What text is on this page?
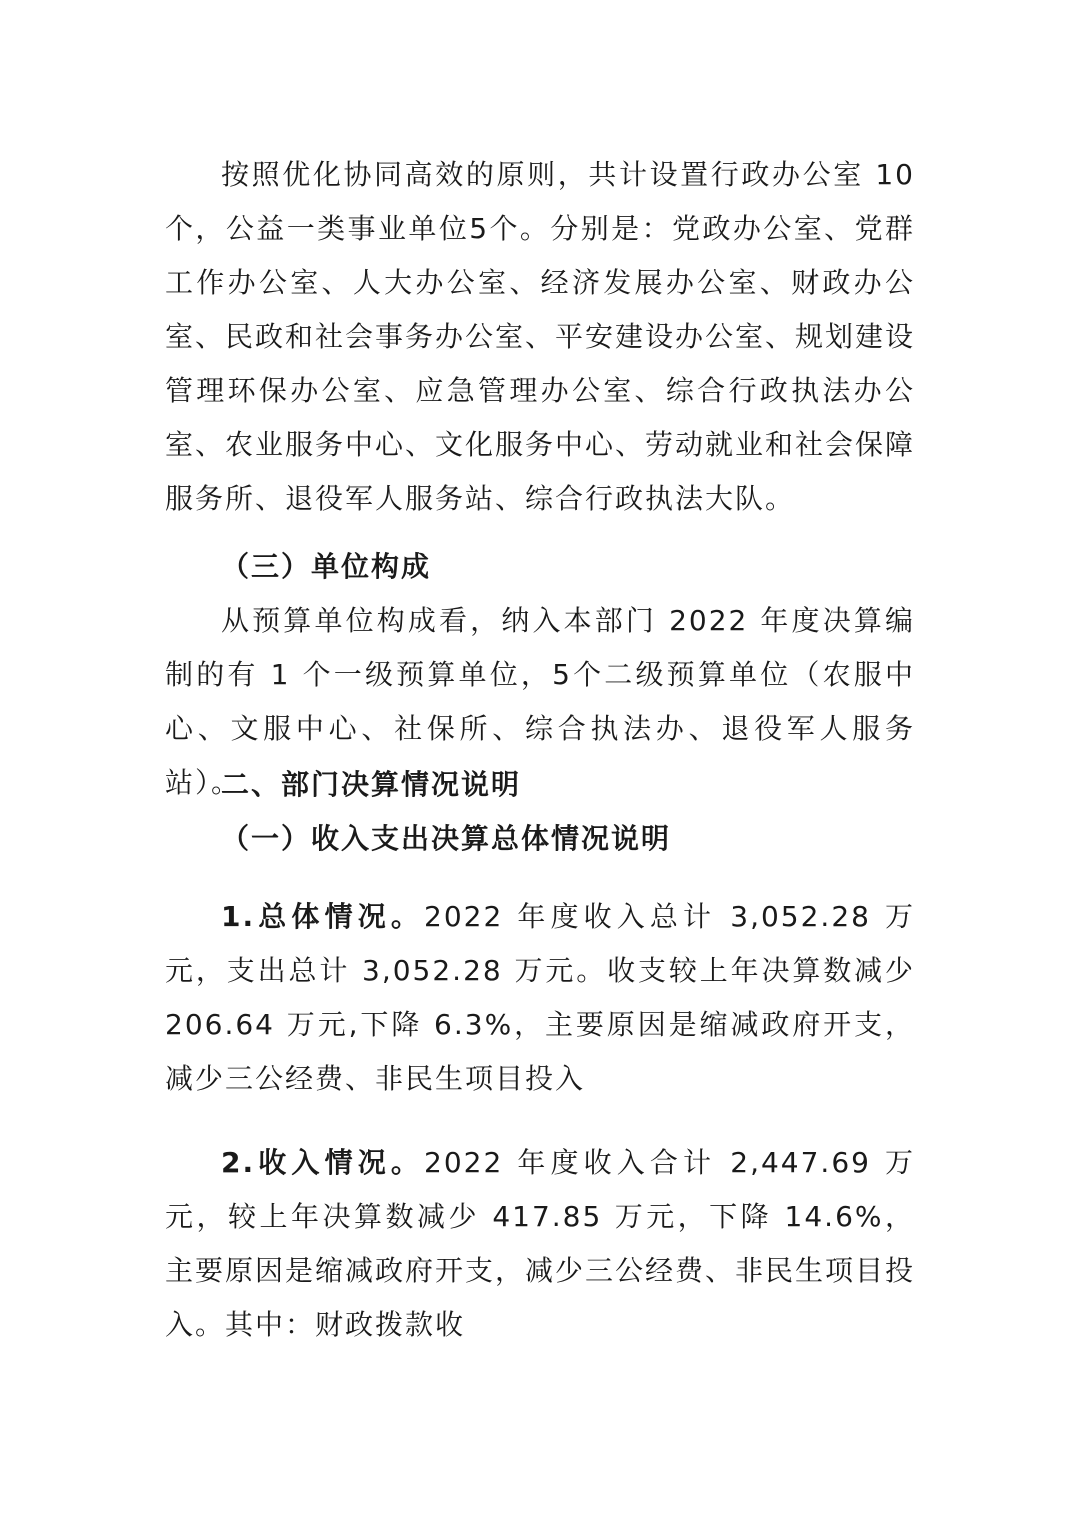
按照优化协同高效的原则，共计设置行政办公室 10个，公益一类事业单位5个。分别是：党政办公室、党群工作办公室、人大办公室、经济发展办公室、财政办公室、民政和社会事务办公室、平安建设办公室、规划建设管理环保办公室、应急管理办公室、综合行政执法办公室、农业服务中心、文化服务中心、劳动就业和社会保障服务所、退役军人服务站、综合行政执法大队。

（三）单位构成

从预算单位构成看，纳入本部门 2022 年度决算编制的有 1 个一级预算单位，5个二级预算单位（农服中心、文服中心、社保所、综合执法办、退役军人服务站）。

二、部门决算情况说明

（一）收入支出决算总体情况说明

1.总体情况。2022 年度收入总计 3,052.28 万元，支出总计 3,052.28 万元。收支较上年决算数减少 206.64 万元,下降 6.3%，主要原因是缩减政府开支，减少三公经费、非民生项目投入

2.收入情况。2022 年度收入合计 2,447.69 万元，较上年决算数减少 417.85 万元，下降 14.6%，主要原因是缩减政府开支，减少三公经费、非民生项目投入。其中：财政拨款收
